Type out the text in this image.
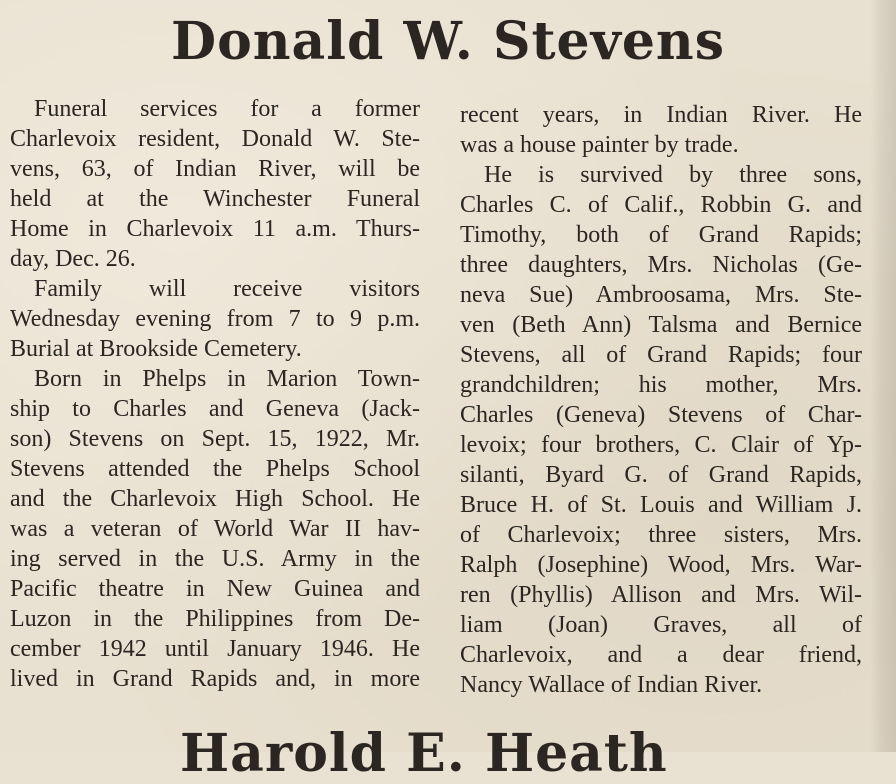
Donald W. Stevens
Funeral services for a former
Charlevoix resident, Donald W. Ste-
vens, 63, of Indian River, will be
held at the Winchester Funeral
Home in Charlevoix 11 a.m. Thurs-
day, Dec. 26.
Family will receive visitors
Wednesday evening from 7 to 9 p.m.
Burial at Brookside Cemetery.
Born in Phelps in Marion Town-
ship to Charles and Geneva (Jack-
son) Stevens on Sept. 15, 1922, Mr.
Stevens attended the Phelps School
and the Charlevoix High School. He
was a veteran of World War II hav-
ing served in the U.S. Army in the
Pacific theatre in New Guinea and
Luzon in the Philippines from De-
cember 1942 until January 1946. He
lived in Grand Rapids and, in more
recent years, in Indian River. He
was a house painter by trade.
He is survived by three sons,
Charles C. of Calif., Robbin G. and
Timothy, both of Grand Rapids;
three daughters, Mrs. Nicholas (Ge-
neva Sue) Ambroosama, Mrs. Ste-
ven (Beth Ann) Talsma and Bernice
Stevens, all of Grand Rapids; four
grandchildren; his mother, Mrs.
Charles (Geneva) Stevens of Char-
levoix; four brothers, C. Clair of Yp-
silanti, Byard G. of Grand Rapids,
Bruce H. of St. Louis and William J.
of Charlevoix; three sisters, Mrs.
Ralph (Josephine) Wood, Mrs. War-
ren (Phyllis) Allison and Mrs. Wil-
liam (Joan) Graves, all of
Charlevoix, and a dear friend,
Nancy Wallace of Indian River.
Harold E. Heath
